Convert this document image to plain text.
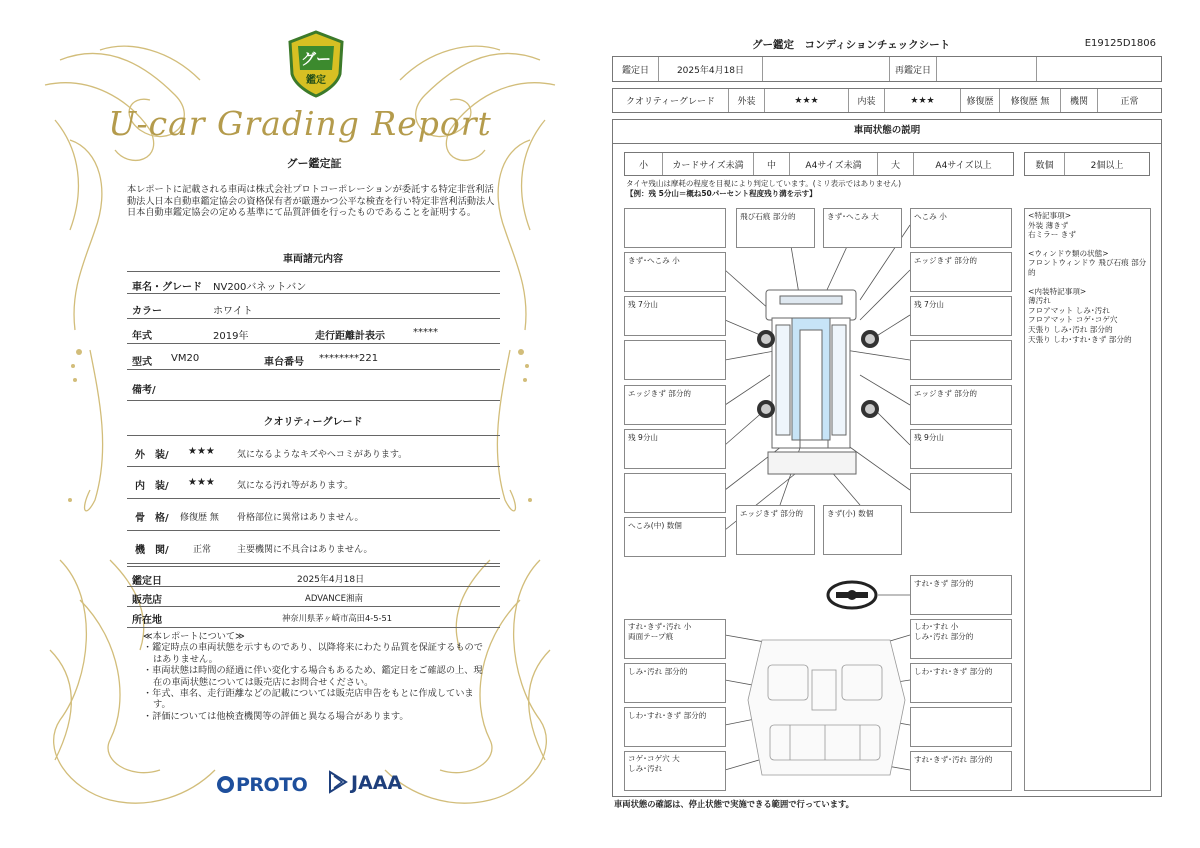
グー
鑑定
U-car Grading Report
グー鑑定証
本レポートに記載される車両は株式会社プロトコーポレーションが委託する特定非営利活動法人日本自動車鑑定協会の資格保有者が厳選かつ公平な検査を行い特定非営利活動法人日本自動車鑑定協会の定める基準にて品質評価を行ったものであることを証明する。
車両諸元内容
車名・グレード NV200バネットバン
カラー	ホワイト
年式	2019年	走行距離計表示	*****
型式 VM20	車台番号 ********221
備考/
クオリティーグレード
外　装/ ★★★ 気になるようなキズやヘコミがあります。
内　装/ ★★★ 気になる汚れ等があります。
骨　格/ 修復歴 無 骨格部位に異常はありません。
機　関/	正常	主要機関に不具合はありません。
鑑定日	2025年4月18日
販売店	ADVANCE湘南
所在地	神奈川県茅ヶ崎市高田4-5-51
≪本レポートについて≫
・鑑定時点の車両状態を示すものであり、以降将来にわたり品質を保証するものではありません。
・車両状態は時間の経過に伴い変化する場合もあるため、鑑定日をご確認の上、現在の車両状態については販売店にお問合せください。
・年式、車名、走行距離などの記載については販売店申告をもとに作成しています。
・評価については他検査機関等の評価と異なる場合があります。
PROTO	JAAA
グー鑑定　コンディションチェックシート	E19125D1806
鑑定日	2025年4月18日	再鑑定日
クオリティーグレード	外装	★★★	内装	★★★	修復歴	修復歴 無	機関	正常
車両状態の説明
小	カードサイズ未満	中	A4サイズ未満	大	A4サイズ以上	数個	2個以上
タイヤ残山は摩耗の程度を目視により判定しています。(ミリ表示ではありません)
【例：残 5分山＝概ね50パーセント程度残り溝を示す】
飛び石痕 部分的	きず･へこみ 大	へこみ 小
きず･へこみ 小	エッジきず 部分的
残 7分山	残 7分山
エッジきず 部分的	エッジきず 部分的
残 9分山	残 9分山
へこみ(中) 数個
エッジきず 部分的	きず(小) 数個
すれ･きず 部分的
すれ･きず･汚れ 小
両面テープ痕
しわ･すれ 小
しみ･汚れ 部分的
しみ･汚れ 部分的	しわ･すれ･きず 部分的
しわ･すれ･きず 部分的
コゲ･コゲ穴 大
しみ･汚れ
すれ･きず･汚れ 部分的
<特記事項>
外装 薄きず
右ミラー きず
<ウィンドウ類の状態>
フロントウィンドウ 飛び石痕 部分的
<内装特記事項>
薄汚れ
フロアマット しみ･汚れ
フロアマット コゲ･コゲ穴
天張り しみ･汚れ 部分的
天張り しわ･すれ･きず 部分的
車両状態の確認は、停止状態で実施できる範囲で行っています。
